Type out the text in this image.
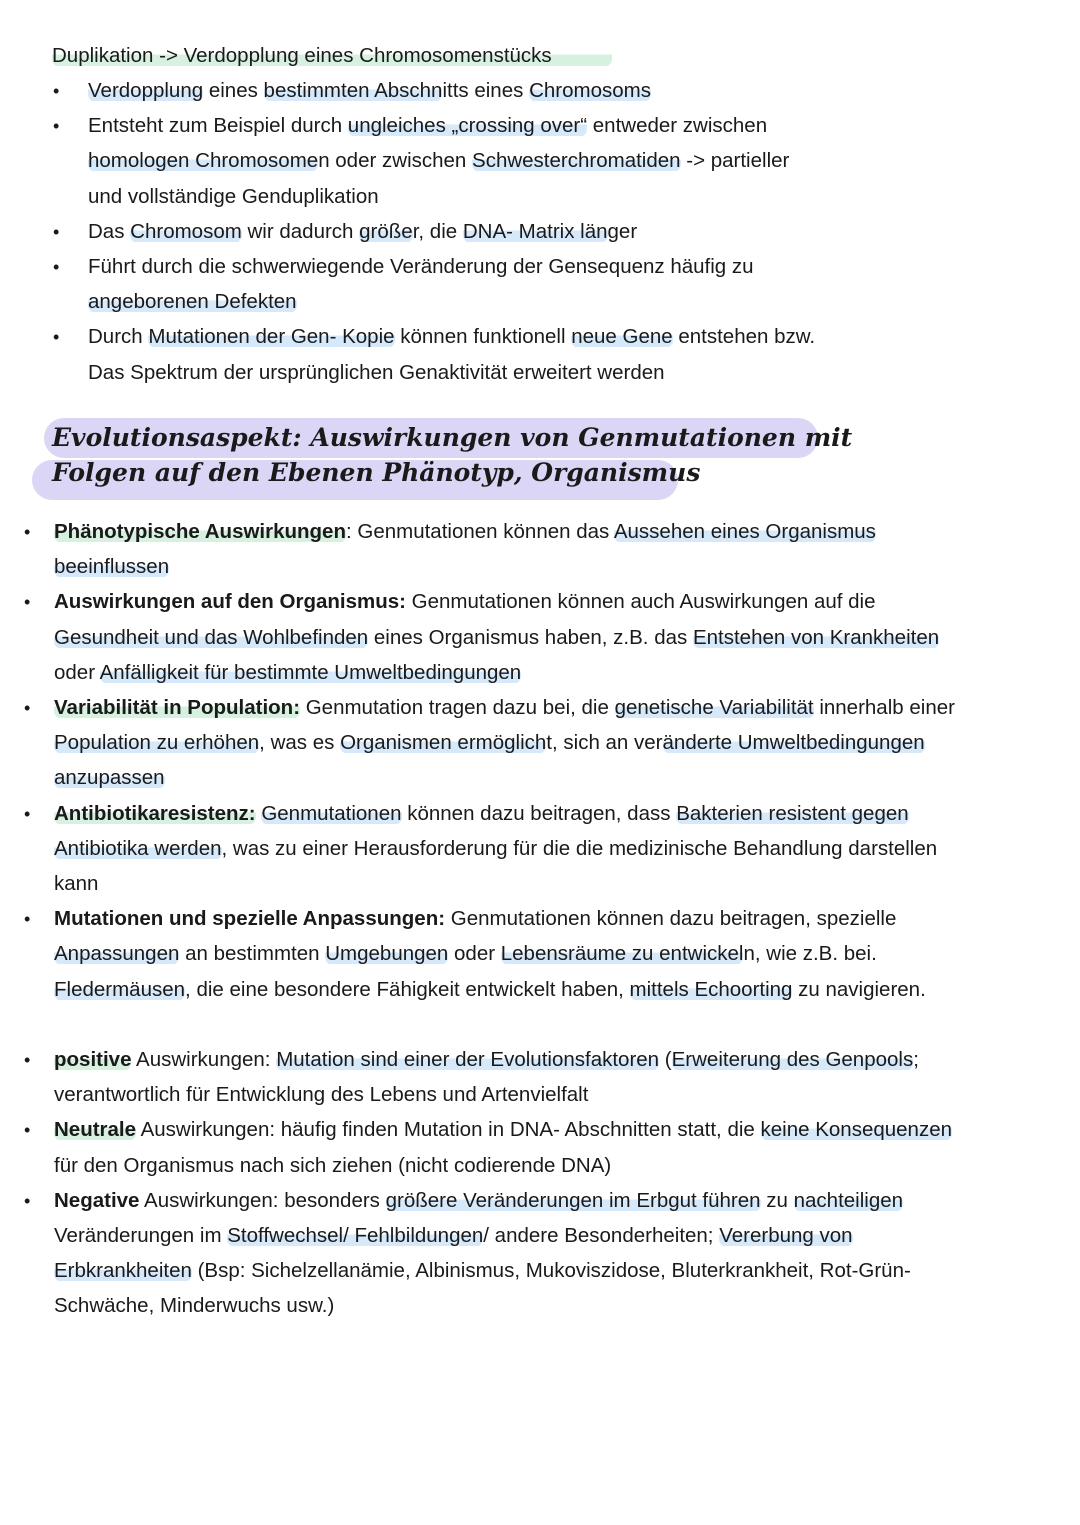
Duplikation -> Verdopplung eines Chromosomenstücks
• Verdopplung eines bestimmten Abschnitts eines Chromosoms
• Entsteht zum Beispiel durch ungleiches „crossing over“ entweder zwischen
homologen Chromosomen oder zwischen Schwesterchromatiden -> partieller
und vollständige Genduplikation
• Das Chromosom wir dadurch größer, die DNA- Matrix länger
• Führt durch die schwerwiegende Veränderung der Gensequenz häufig zu
angeborenen Defekten
• Durch Mutationen der Gen- Kopie können funktionell neue Gene entstehen bzw.
Das Spektrum der ursprünglichen Genaktivität erweitert werden
Evolutionsaspekt: Auswirkungen von Genmutationen mit
Folgen auf den Ebenen Phänotyp, Organismus
• Phänotypische Auswirkungen: Genmutationen können das Aussehen eines Organismus
beeinflussen
• Auswirkungen auf den Organismus: Genmutationen können auch Auswirkungen auf die
Gesundheit und das Wohlbefinden eines Organismus haben, z.B. das Entstehen von Krankheiten
oder Anfälligkeit für bestimmte Umweltbedingungen
• Variabilität in Population: Genmutation tragen dazu bei, die genetische Variabilität innerhalb einer
Population zu erhöhen, was es Organismen ermöglicht, sich an veränderte Umweltbedingungen
anzupassen
• Antibiotikaresistenz: Genmutationen können dazu beitragen, dass Bakterien resistent gegen
Antibiotika werden, was zu einer Herausforderung für die die medizinische Behandlung darstellen
kann
• Mutationen und spezielle Anpassungen: Genmutationen können dazu beitragen, spezielle
Anpassungen an bestimmten Umgebungen oder Lebensräume zu entwickeln, wie z.B. bei.
Fledermäusen, die eine besondere Fähigkeit entwickelt haben, mittels Echoorting zu navigieren.
• positive Auswirkungen: Mutation sind einer der Evolutionsfaktoren (Erweiterung des Genpools;
verantwortlich für Entwicklung des Lebens und Artenvielfalt
• Neutrale Auswirkungen: häufig finden Mutation in DNA- Abschnitten statt, die keine Konsequenzen
für den Organismus nach sich ziehen (nicht codierende DNA)
• Negative Auswirkungen: besonders größere Veränderungen im Erbgut führen zu nachteiligen
Veränderungen im Stoffwechsel/ Fehlbildungen/ andere Besonderheiten; Vererbung von
Erbkrankheiten (Bsp: Sichelzellanämie, Albinismus, Mukoviszidose, Bluterkrankheit, Rot-Grün-
Schwäche, Minderwuchs usw.)
